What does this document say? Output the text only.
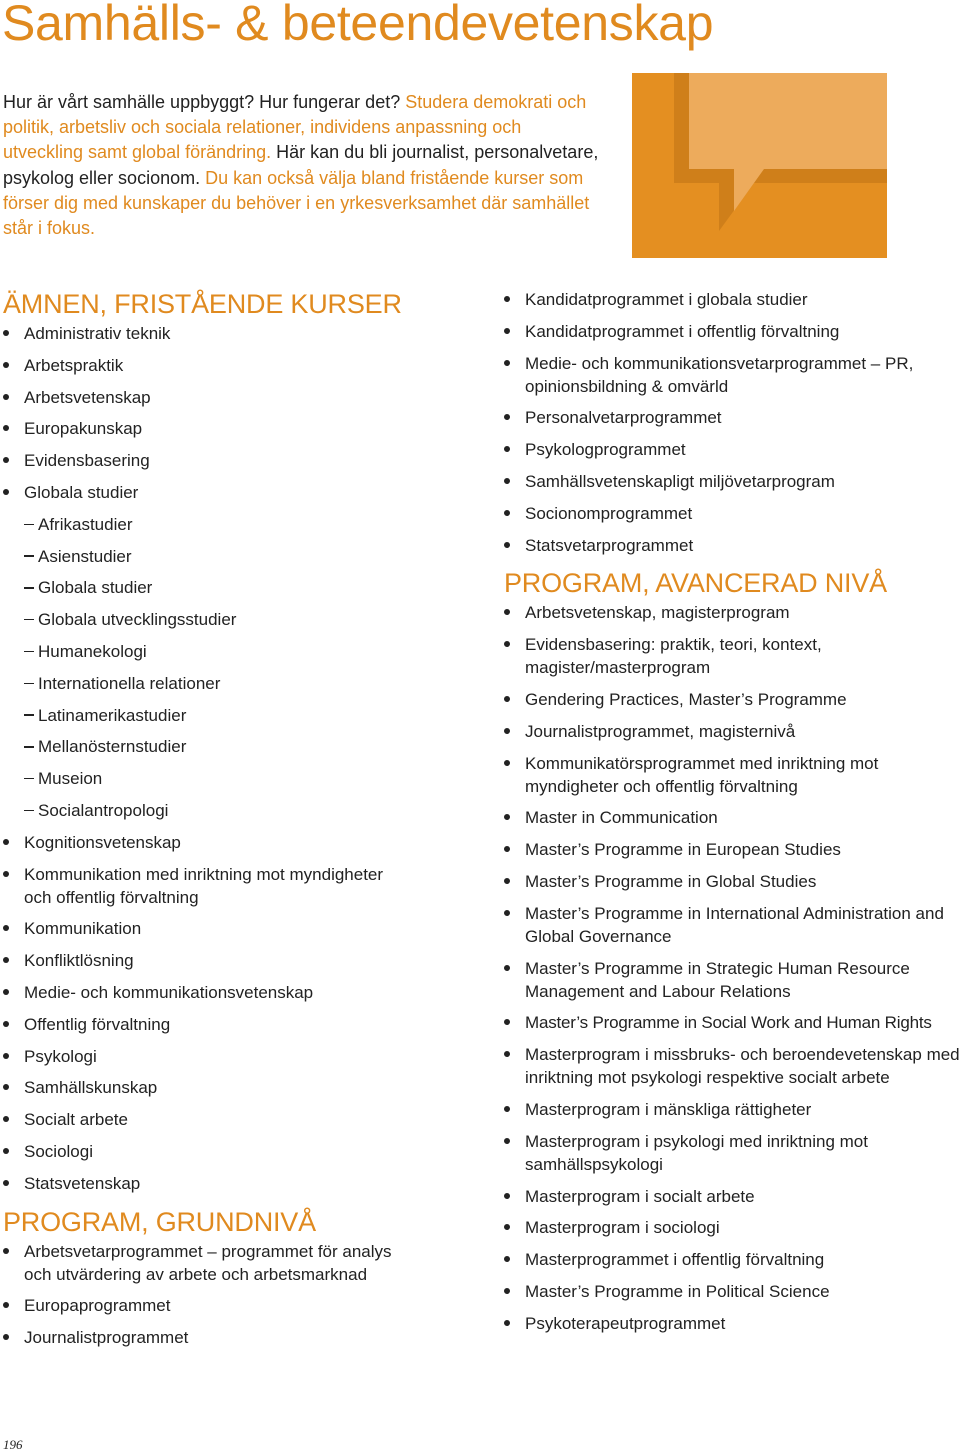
Samhälls- & beteendevetenskap
Hur är vårt samhälle uppbyggt? Hur fungerar det? Studera demokrati och politik, arbetsliv och sociala relationer, individens anpassning och utveckling samt global förändring. Här kan du bli journalist, personalvetare, psykolog eller socionom. Du kan också välja bland fristående kurser som förser dig med kunskaper du behöver i en yrkesverksamhet där samhället står i fokus.
ÄMNEN, FRISTÅENDE KURSER
Administrativ teknik
Arbetspraktik
Arbetsvetenskap
Europakunskap
Evidensbasering
Globala studier
Afrikastudier
Asienstudier
Globala studier
Globala utvecklingsstudier
Humanekologi
Internationella relationer
Latinamerikastudier
Mellanösternstudier
Museion
Socialantropologi
Kognitionsvetenskap
Kommunikation med inriktning mot myndigheter och offentlig förvaltning
Kommunikation
Konfliktlösning
Medie- och kommunikationsvetenskap
Offentlig förvaltning
Psykologi
Samhällskunskap
Socialt arbete
Sociologi
Statsvetenskap
PROGRAM, GRUNDNIVÅ
Arbetsvetarprogrammet – programmet för analys och utvärdering av arbete och arbetsmarknad
Europaprogrammet
Journalistprogrammet
Kandidatprogrammet i globala studier
Kandidatprogrammet i offentlig förvaltning
Medie- och kommunikationsvetarprogrammet – PR, opinionsbildning & omvärld
Personalvetarprogrammet
Psykologprogrammet
Samhällsvetenskapligt miljövetarprogram
Socionomprogrammet
Statsvetarprogrammet
PROGRAM, AVANCERAD NIVÅ
Arbetsvetenskap, magisterprogram
Evidensbasering: praktik, teori, kontext, magister/masterprogram
Gendering Practices, Master’s Programme
Journalistprogrammet, magisternivå
Kommunikatörsprogrammet med inriktning mot myndigheter och offentlig förvaltning
Master in Communication
Master’s Programme in European Studies
Master’s Programme in Global Studies
Master’s Programme in International Administration and Global Governance
Master’s Programme in Strategic Human Resource Management and Labour Relations
Master’s Programme in Social Work and Human Rights
Masterprogram i missbruks- och beroendevetenskap med inriktning mot psykologi respektive socialt arbete
Masterprogram i mänskliga rättigheter
Masterprogram i psykologi med inriktning mot samhällspsykologi
Masterprogram i socialt arbete
Masterprogram i sociologi
Masterprogrammet i offentlig förvaltning
Master’s Programme in Political Science
Psykoterapeutprogrammet
196
